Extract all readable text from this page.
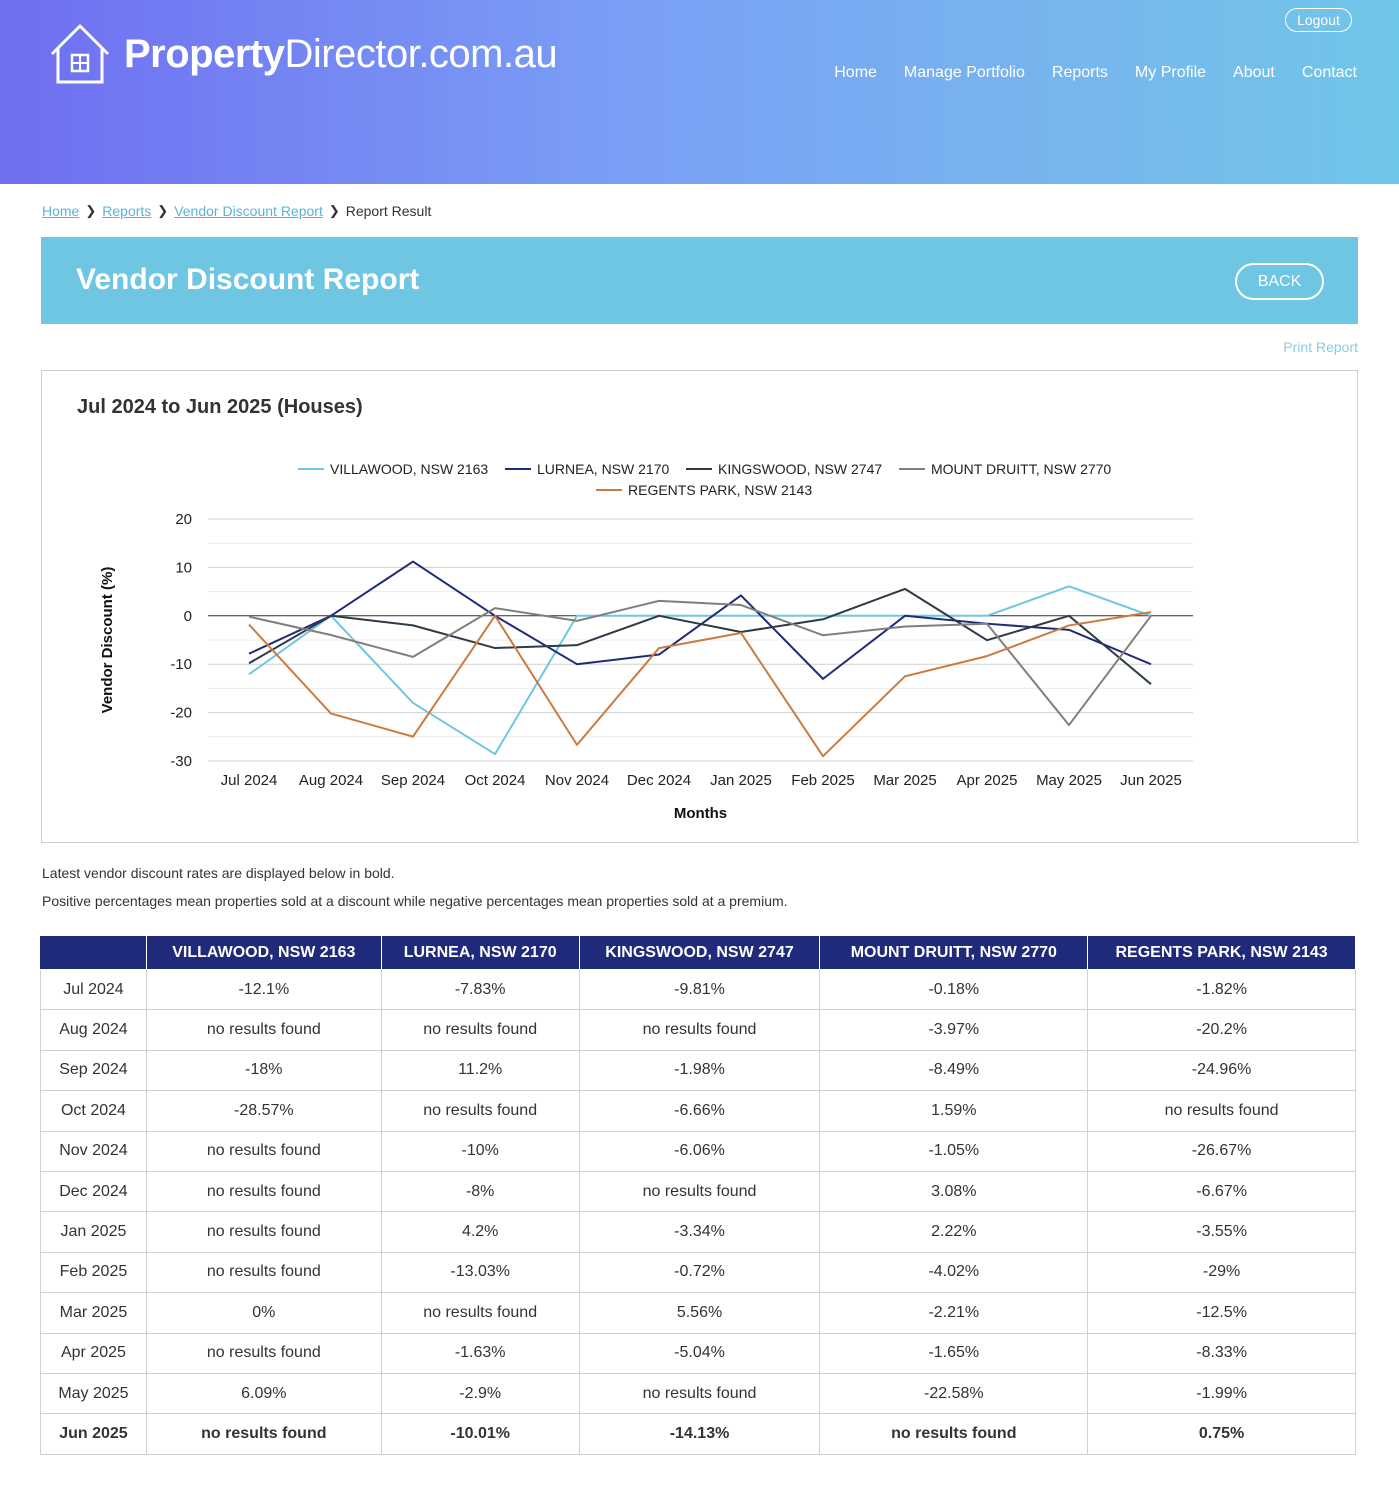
PropertyDirector.com.au
Logout
Home Manage Portfolio Reports My Profile About Contact
Home ❯ Reports ❯ Vendor Discount Report ❯ Report Result
Vendor Discount Report	BACK
Print Report
Jul 2024 to Jun 2025 (Houses)
20
10
0
-10
-20
-30
Jul 2024 Aug 2024 Sep 2024 Oct 2024 Nov 2024 Dec 2024 Jan 2025 Feb 2025 Mar 2025 Apr 2025 May 2025 Jun 2025
Months
Vendor Discount (%)
VILLAWOOD, NSW 2163	LURNEA, NSW 2170	KINGSWOOD, NSW 2747	MOUNT DRUITT, NSW 2770
REGENTS PARK, NSW 2143
Latest vendor discount rates are displayed below in bold.
Positive percentages mean properties sold at a discount while negative percentages mean properties sold at a premium.
	VILLAWOOD, NSW 2163	LURNEA, NSW 2170	KINGSWOOD, NSW 2747	MOUNT DRUITT, NSW 2770	REGENTS PARK, NSW 2143
Jul 2024	-12.1%	-7.83%	-9.81%	-0.18%	-1.82%
Aug 2024	no results found	no results found	no results found	-3.97%	-20.2%
Sep 2024	-18%	11.2%	-1.98%	-8.49%	-24.96%
Oct 2024	-28.57%	no results found	-6.66%	1.59%	no results found
Nov 2024	no results found	-10%	-6.06%	-1.05%	-26.67%
Dec 2024	no results found	-8%	no results found	3.08%	-6.67%
Jan 2025	no results found	4.2%	-3.34%	2.22%	-3.55%
Feb 2025	no results found	-13.03%	-0.72%	-4.02%	-29%
Mar 2025	0%	no results found	5.56%	-2.21%	-12.5%
Apr 2025	no results found	-1.63%	-5.04%	-1.65%	-8.33%
May 2025	6.09%	-2.9%	no results found	-22.58%	-1.99%
Jun 2025	no results found	-10.01%	-14.13%	no results found	0.75%
